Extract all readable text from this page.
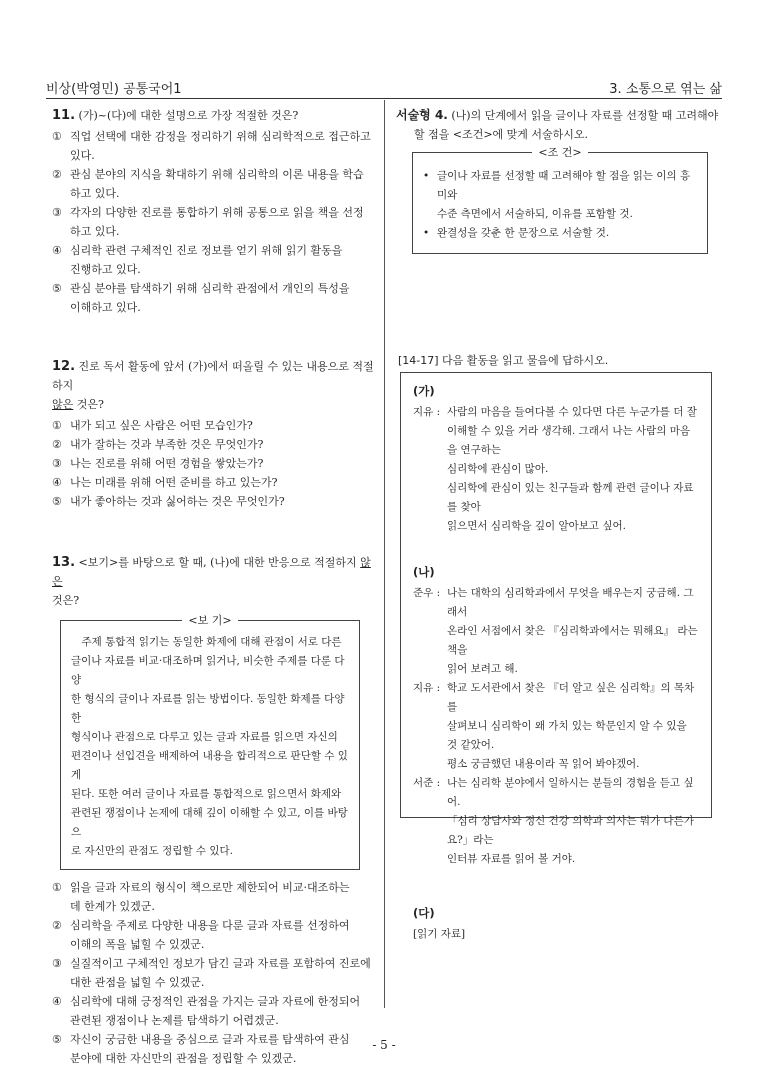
비상(박영민) 공통국어1	3. 소통으로 엮는 삶
11. (가)~(다)에 대한 설명으로 가장 적절한 것은?
① 직업 선택에 대한 감정을 정리하기 위해 심리학적으로 접근하고
있다.
② 관심 분야의 지식을 확대하기 위해 심리학의 이론 내용을 학습
하고 있다.
③ 각자의 다양한 진로를 통합하기 위해 공통으로 읽을 책을 선정
하고 있다.
④ 심리학 관련 구체적인 진로 정보를 얻기 위해 읽기 활동을
진행하고 있다.
⑤ 관심 분야를 탐색하기 위해 심리학 관점에서 개인의 특성을
이해하고 있다.
12. 진로 독서 활동에 앞서 (가)에서 떠올릴 수 있는 내용으로 적절하지
않은 것은?
① 내가 되고 싶은 사람은 어떤 모습인가?
② 내가 잘하는 것과 부족한 것은 무엇인가?
③ 나는 진로를 위해 어떤 경험을 쌓았는가?
④ 나는 미래를 위해 어떤 준비를 하고 있는가?
⑤ 내가 좋아하는 것과 싫어하는 것은 무엇인가?
13. <보기>를 바탕으로 할 때, (나)에 대한 반응으로 적절하지 않은
것은?
<보 기>
주제 통합적 읽기는 동일한 화제에 대해 관점이 서로 다른
글이나 자료를 비교·대조하며 읽거나, 비슷한 주제를 다룬 다양
한 형식의 글이나 자료를 읽는 방법이다. 동일한 화제를 다양한
형식이나 관점으로 다루고 있는 글과 자료를 읽으면 자신의
편견이나 선입견을 배제하여 내용을 합리적으로 판단할 수 있게
된다. 또한 여러 글이나 자료를 통합적으로 읽으면서 화제와
관련된 쟁점이나 논제에 대해 깊이 이해할 수 있고, 이를 바탕으
로 자신만의 관점도 정립할 수 있다.
① 읽을 글과 자료의 형식이 책으로만 제한되어 비교·대조하는
데 한계가 있겠군.
② 심리학을 주제로 다양한 내용을 다룬 글과 자료를 선정하여
이해의 폭을 넓힐 수 있겠군.
③ 실질적이고 구체적인 정보가 담긴 글과 자료를 포함하여 진로에
대한 관점을 넓힐 수 있겠군.
④ 심리학에 대해 긍정적인 관점을 가지는 글과 자료에 한정되어
관련된 쟁점이나 논제를 탐색하기 어렵겠군.
⑤ 자신이 궁금한 내용을 중심으로 글과 자료를 탐색하여 관심
분야에 대한 자신만의 관점을 정립할 수 있겠군.
서술형 4. (나)의 단계에서 읽을 글이나 자료를 선정할 때 고려해야
할 점을 <조건>에 맞게 서술하시오.
<조 건>
• 글이나 자료를 선정할 때 고려해야 할 점을 읽는 이의 흥미와
수준 측면에서 서술하되, 이유를 포함할 것.
• 완결성을 갖춘 한 문장으로 서술할 것.
[14-17] 다음 활동을 읽고 물음에 답하시오.
(가)
지유 : 사람의 마음을 들여다볼 수 있다면 다른 누군가를 더 잘
이해할 수 있을 거라 생각해. 그래서 나는 사람의 마음을 연구하는
심리학에 관심이 많아.
심리학에 관심이 있는 친구들과 함께 관련 글이나 자료를 찾아
읽으면서 심리학을 깊이 알아보고 싶어.
(나)
준우 : 나는 대학의 심리학과에서 무엇을 배우는지 궁금해. 그래서
온라인 서점에서 찾은 『심리학과에서는 뭐해요』 라는 책을
읽어 보려고 해.
지유 : 학교 도서관에서 찾은 『더 알고 싶은 심리학』의 목차를
살펴보니 심리학이 왜 가치 있는 학문인지 알 수 있을 것 같았어.
평소 궁금했던 내용이라 꼭 읽어 봐야겠어.
서준 : 나는 심리학 분야에서 일하시는 분들의 경험을 듣고 싶어.
「심리 상담사와 정신 건강 의학과 의사는 뭐가 다른가요?」라는
인터뷰 자료를 읽어 볼 거야.
(다)
[읽기 자료]
- 5 -
